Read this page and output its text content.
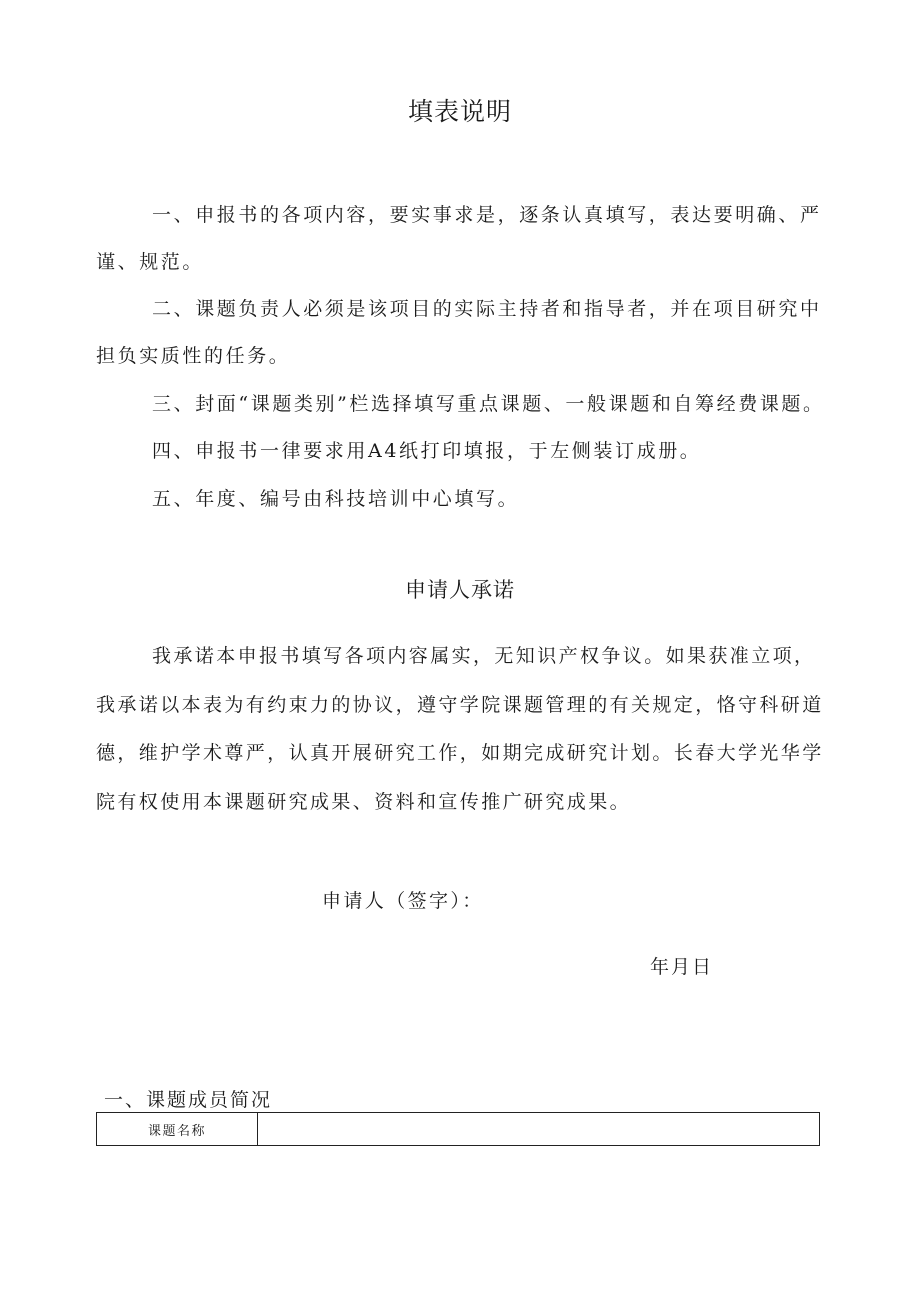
填表说明

一、申报书的各项内容，要实事求是，逐条认真填写，表达要明确、严谨、规范。

二、课题负责人必须是该项目的实际主持者和指导者，并在项目研究中担负实质性的任务。

三、封面“课题类别”栏选择填写重点课题、一般课题和自筹经费课题。

四、申报书一律要求用A4纸打印填报，于左侧装订成册。

五、年度、编号由科技培训中心填写。

申请人承诺

我承诺本申报书填写各项内容属实，无知识产权争议。如果获准立项，我承诺以本表为有约束力的协议，遵守学院课题管理的有关规定，恪守科研道德，维护学术尊严，认真开展研究工作，如期完成研究计划。长春大学光华学院有权使用本课题研究成果、资料和宣传推广研究成果。

申请人（签字）：
年月日
一、课题成员简况
课题名称	
